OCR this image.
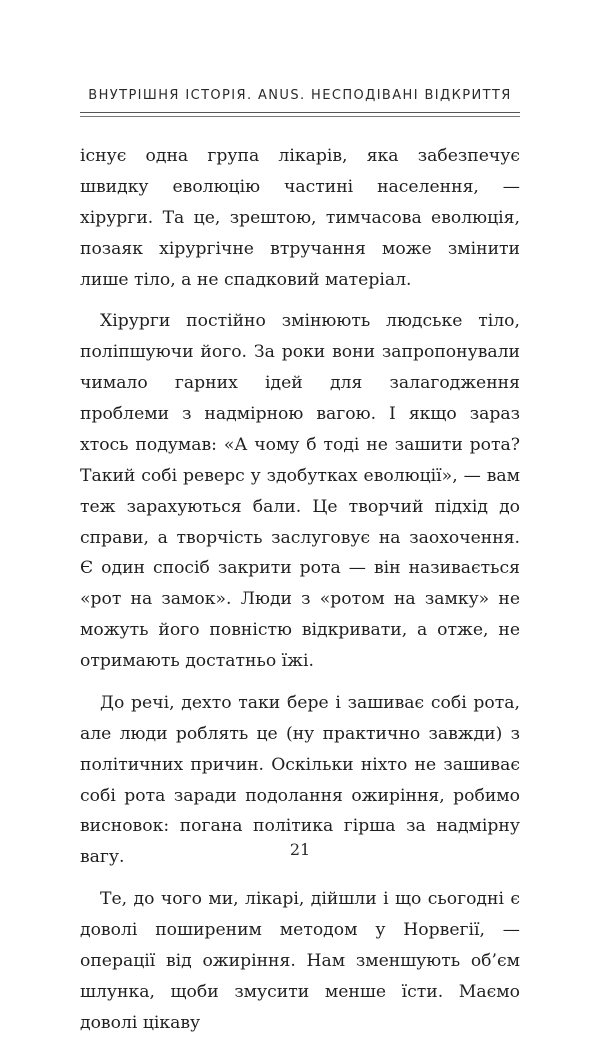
ВНУТРІШНЯ ІСТОРІЯ. ANUS. НЕСПОДІВАНІ ВІДКРИТТЯ

існує одна група лікарів, яка забезпечує швидку еволюцію частині населення, — хірурги. Та це, зрештою, тимчасова еволюція, позаяк хірургічне втручання може змінити лише тіло, а не спадковий матеріал.

Хірурги постійно змінюють людське тіло, поліпшуючи його. За роки вони запропонували чимало гарних ідей для залагодження проблеми з надмірною вагою. І якщо зараз хтось подумав: «А чому б тоді не зашити рота? Такий собі реверс у здобутках еволюції», — вам теж зарахуються бали. Це творчий підхід до справи, а творчість заслуговує на заохочення. Є один спосіб закрити рота — він називається «рот на замок». Люди з «ротом на замку» не можуть його повністю відкривати, а отже, не отримають достатньо їжі.

До речі, дехто таки бере і зашиває собі рота, але люди роблять це (ну практично завжди) з політичних причин. Оскільки ніхто не зашиває собі рота заради подолання ожиріння, робимо висновок: погана політика гірша за надмірну вагу.

Те, до чого ми, лікарі, дійшли і що сьогодні є доволі поширеним методом у Норвегії, — операції від ожиріння. Нам зменшують об’єм шлунка, щоби змусити менше їсти. Маємо доволі цікаву

21
